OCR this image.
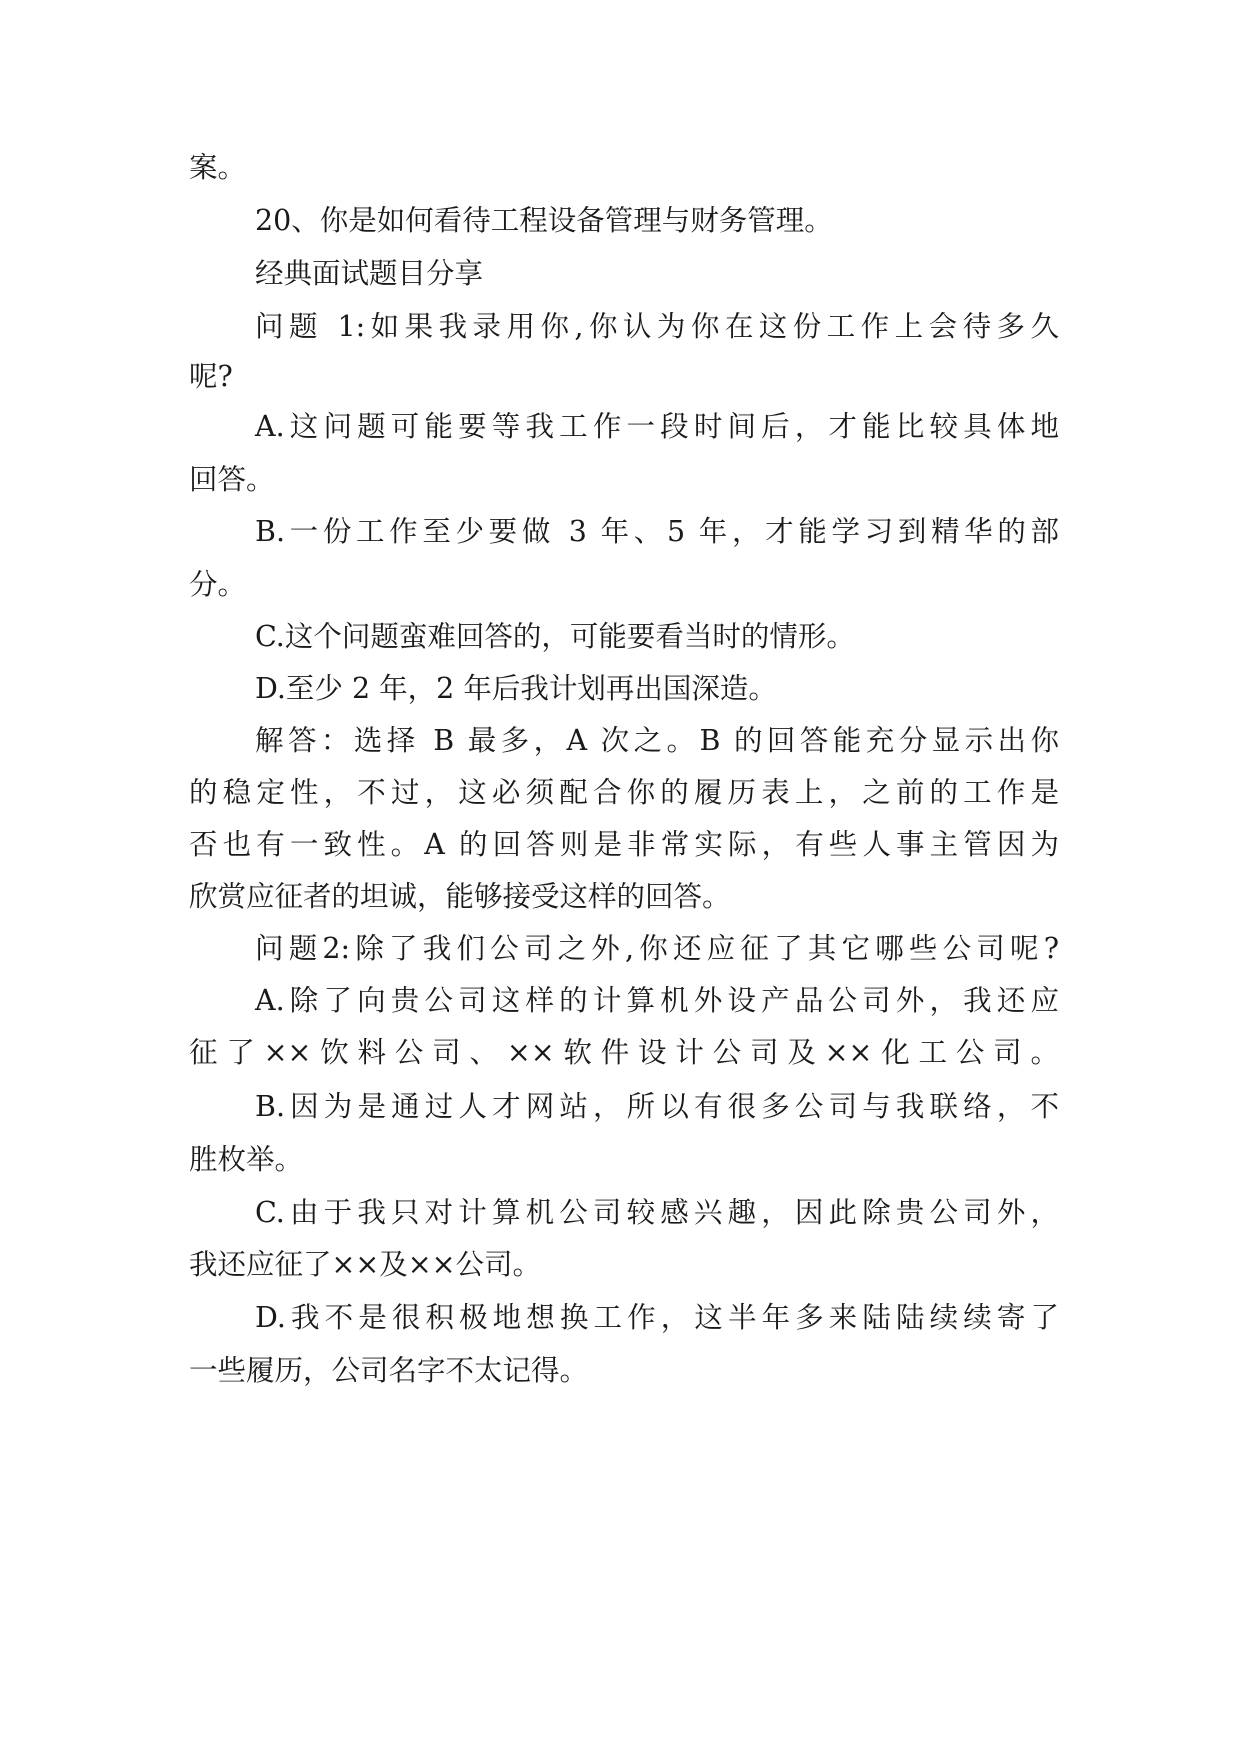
案。
20、你是如何看待工程设备管理与财务管理。
经典面试题目分享
问题 1:如果我录用你,你认为你在这份工作上会待多久
呢?
A.这问题可能要等我工作一段时间后，才能比较具体地
回答。
B.一份工作至少要做 3 年、5 年，才能学习到精华的部
分。
C.这个问题蛮难回答的，可能要看当时的情形。
D.至少 2 年，2 年后我计划再出国深造。
解答：选择 B 最多，A 次之。B 的回答能充分显示出你
的稳定性，不过，这必须配合你的履历表上，之前的工作是
否也有一致性。A 的回答则是非常实际，有些人事主管因为
欣赏应征者的坦诚，能够接受这样的回答。
问题2:除了我们公司之外,你还应征了其它哪些公司呢?
A.除了向贵公司这样的计算机外设产品公司外，我还应
征了××饮料公司、××软件设计公司及××化工公司。
B.因为是通过人才网站，所以有很多公司与我联络，不
胜枚举。
C.由于我只对计算机公司较感兴趣，因此除贵公司外，
我还应征了××及××公司。
D.我不是很积极地想换工作，这半年多来陆陆续续寄了
一些履历，公司名字不太记得。
